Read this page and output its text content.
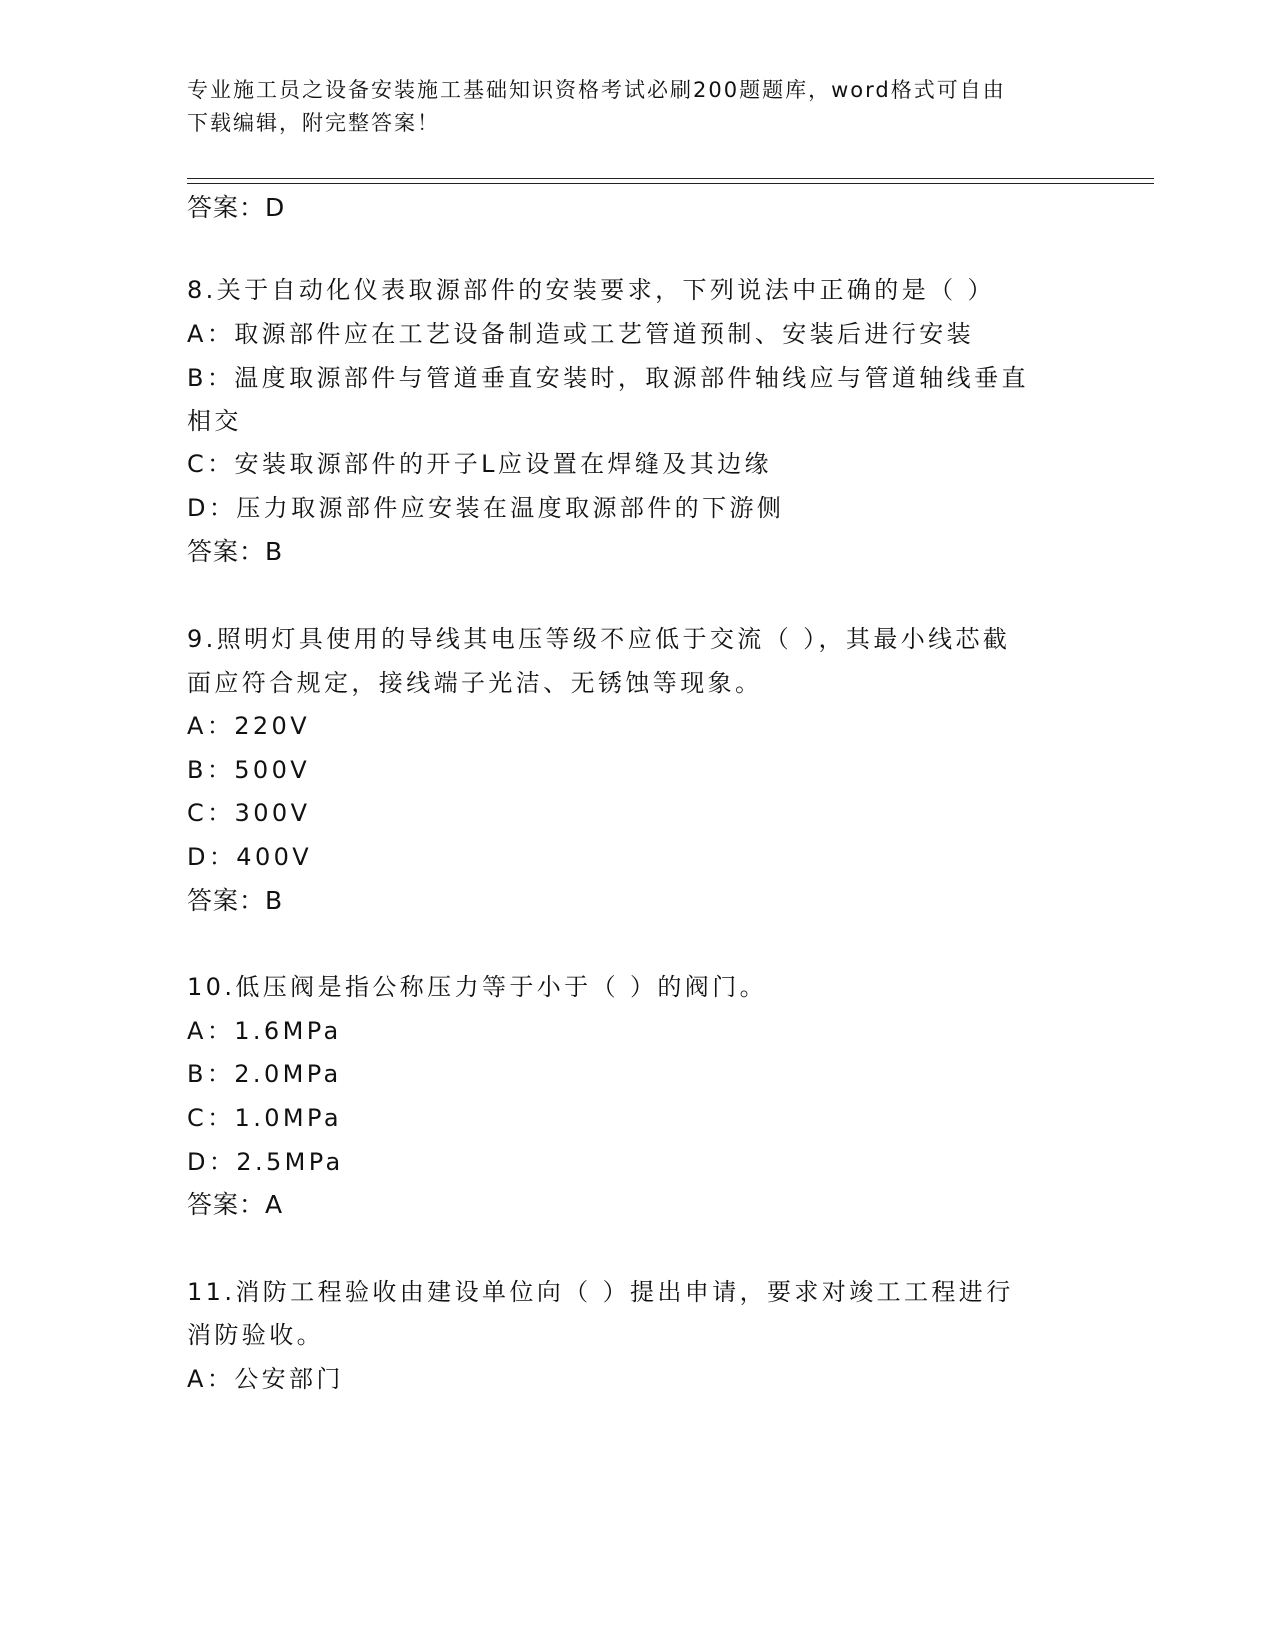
专业施工员之设备安装施工基础知识资格考试必刷200题题库，word格式可自由
下载编辑，附完整答案！
答案：D
8.关于自动化仪表取源部件的安装要求，下列说法中正确的是（ ）
A：取源部件应在工艺设备制造或工艺管道预制、安装后进行安装
B：温度取源部件与管道垂直安装时，取源部件轴线应与管道轴线垂直
相交
C：安装取源部件的开子L应设置在焊缝及其边缘
D：压力取源部件应安装在温度取源部件的下游侧
答案：B
9.照明灯具使用的导线其电压等级不应低于交流（ ），其最小线芯截
面应符合规定，接线端子光洁、无锈蚀等现象。
A：220V
B：500V
C：300V
D：400V
答案：B
10.低压阀是指公称压力等于小于（ ）的阀门。
A：1.6MPa
B：2.0MPa
C：1.0MPa
D：2.5MPa
答案：A
11.消防工程验收由建设单位向（ ）提出申请，要求对竣工工程进行
消防验收。
A：公安部门
